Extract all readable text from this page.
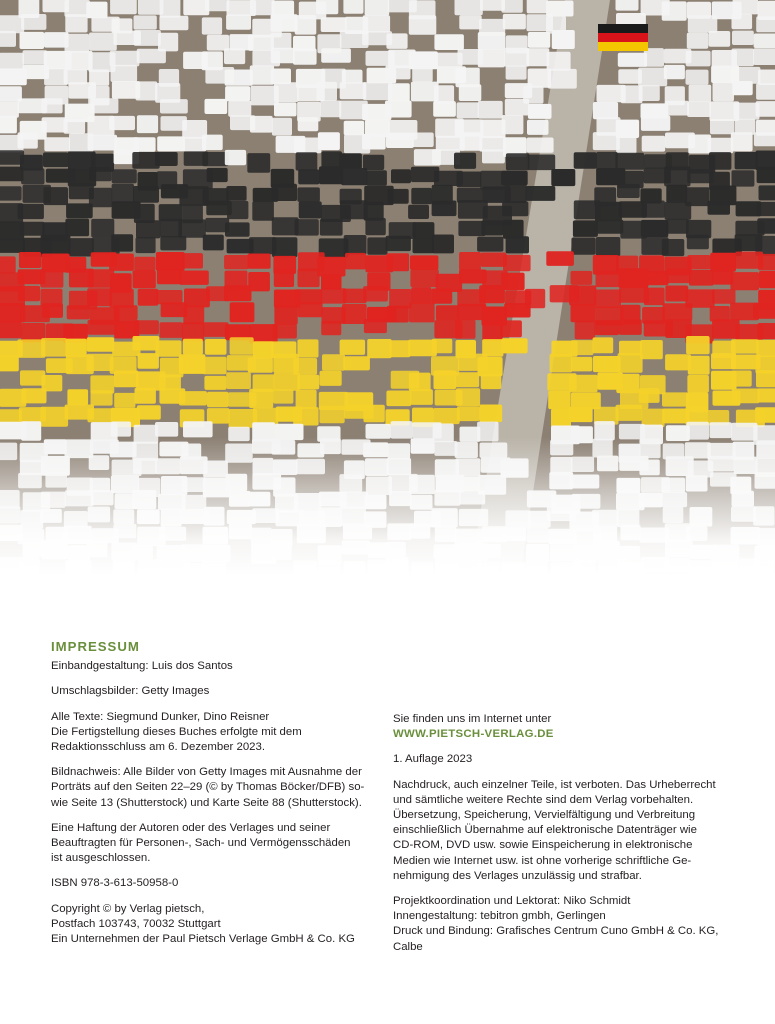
IMPRESSUM
Einbandgestaltung: Luis dos Santos
Umschlagsbilder: Getty Images
Alle Texte: Siegmund Dunker, Dino Reisner
Die Fertigstellung dieses Buches erfolgte mit dem
Redaktionsschluss am 6. Dezember 2023.
Bildnachweis: Alle Bilder von Getty Images mit Ausnahme der
Porträts auf den Seiten 22–29 (© by Thomas Böcker/DFB) so-
wie Seite 13 (Shutterstock) und Karte Seite 88 (Shutterstock).
Eine Haftung der Autoren oder des Verlages und seiner
Beauftragten für Personen-, Sach- und Vermögensschäden
ist ausgeschlossen.
ISBN 978-3-613-50958-0
Copyright © by Verlag pietsch,
Postfach 103743, 70032 Stuttgart
Ein Unternehmen der Paul Pietsch Verlage GmbH & Co. KG
Sie finden uns im Internet unter
WWW.PIETSCH-VERLAG.DE
1. Auflage 2023
Nachdruck, auch einzelner Teile, ist verboten. Das Urheberrecht
und sämtliche weitere Rechte sind dem Verlag vorbehalten.
Übersetzung, Speicherung, Vervielfältigung und Verbreitung
einschließlich Übernahme auf elektronische Datenträger wie
CD-ROM, DVD usw. sowie Einspeicherung in elektronische
Medien wie Internet usw. ist ohne vorherige schriftliche Ge-
nehmigung des Verlages unzulässig und strafbar.
Projektkoordination und Lektorat: Niko Schmidt
Innengestaltung: tebitron gmbh, Gerlingen
Druck und Bindung: Grafisches Centrum Cuno GmbH & Co. KG,
Calbe
